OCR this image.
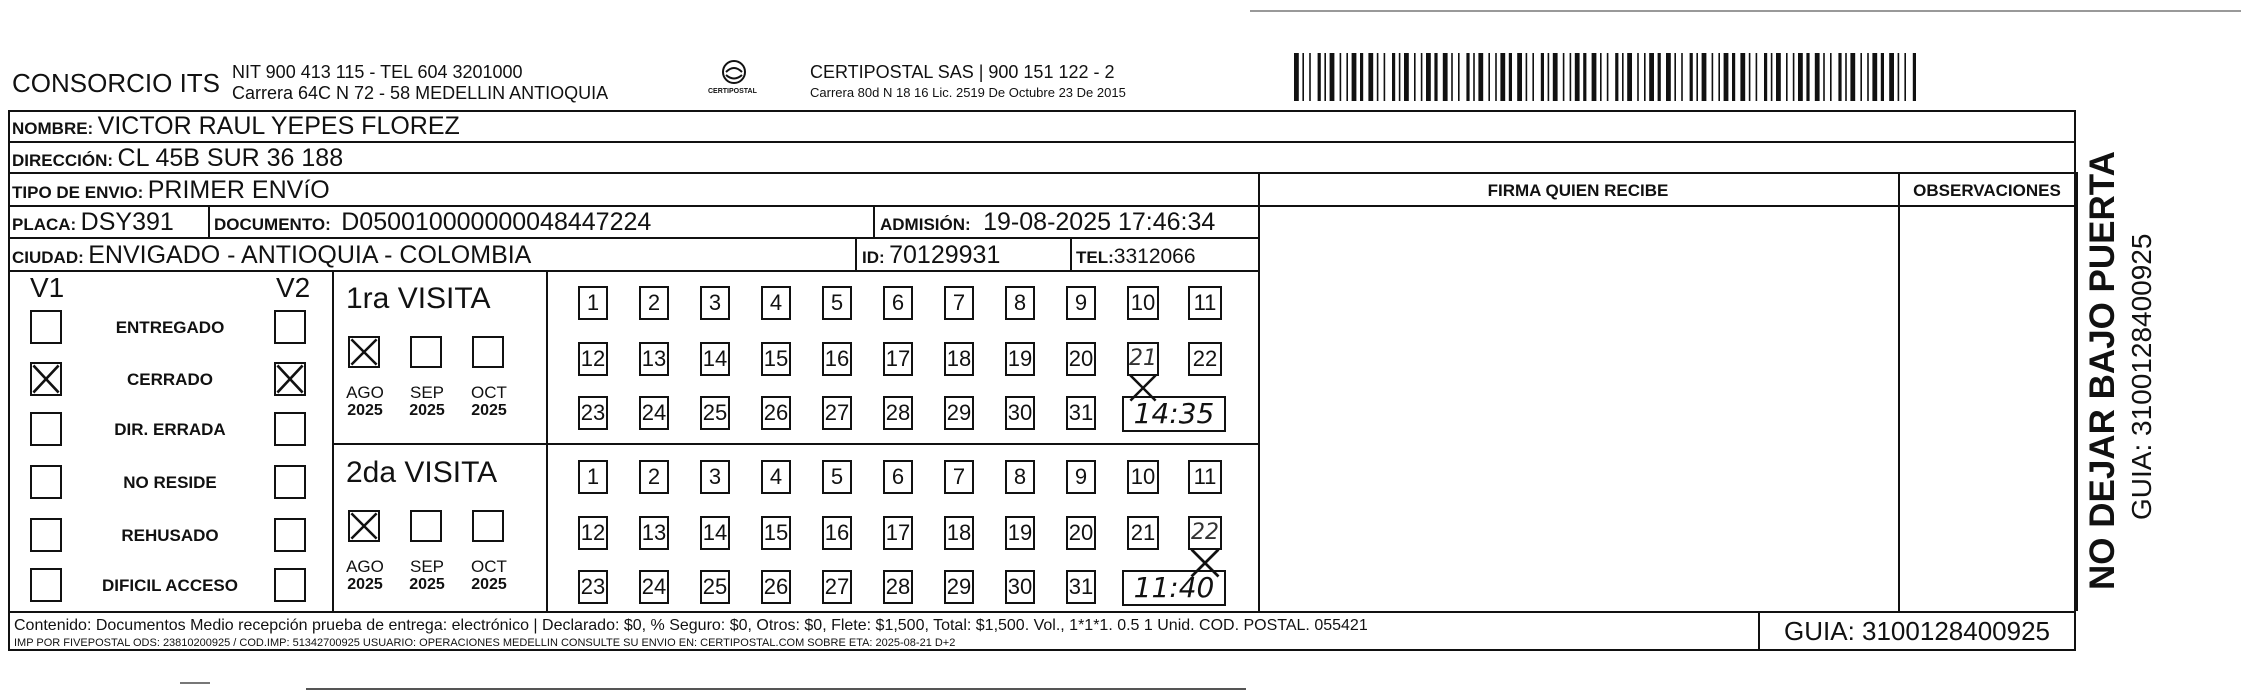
CONSORCIO ITS NIT 900 413 115 - TEL 604 3201000
Carrera 64C N 72 - 58 MEDELLIN ANTIOQUIA	CERTIPOSTAL
CERTIPOSTAL SAS | 900 151 122 - 2
Carrera 80d N 18 16 Lic. 2519 De Octubre 23 De 2015
NOMBRE: VICTOR RAUL YEPES FLOREZ
DIRECCIÓN: CL 45B SUR 36 188
TIPO DE ENVIO: PRIMER ENVíO	FIRMA QUIEN RECIBE	OBSERVACIONES
PLACA: DSY391 DOCUMENTO: D050010000000048447224	ADMISIÓN: 19-08-2025 17:46:34
CIUDAD: ENVIGADO - ANTIOQUIA - COLOMBIA	ID: 70129931	TEL:3312066
V1	V2
ENTREGADO
CERRADO
DIR. ERRADA
NO RESIDE
REHUSADO
DIFICIL ACCESO
1ra VISITA
AGO
2025
SEP
2025
OCT
2025
1	2	3	4	5	6	7	8	9	10 11
12 13 14 15 16 17 18 19 20 21 22
23 24 25 26 27 28 29 30 31	14:35
2da VISITA
AGO
2025
SEP
2025
OCT
2025
1	2	3	4	5	6	7	8	9	10 11
12 13 14 15 16 17 18 19 20 21 22
23 24 25 26 27 28 29 30 31	11:40
Contenido: Documentos Medio recepción prueba de entrega: electrónico | Declarado: $0, % Seguro: $0, Otros: $0, Flete: $1,500, Total: $1,500. Vol., 1*1*1. 0.5 1 Unid. COD. POSTAL. 055421
IMP POR FIVEPOSTAL ODS: 23810200925 / COD.IMP: 51342700925 USUARIO: OPERACIONES MEDELLIN CONSULTE SU ENVIO EN: CERTIPOSTAL.COM SOBRE ETA: 2025-08-21 D+2	GUIA: 3100128400925
NO DEJAR BAJO PUERTA GUIA: 3100128400925
